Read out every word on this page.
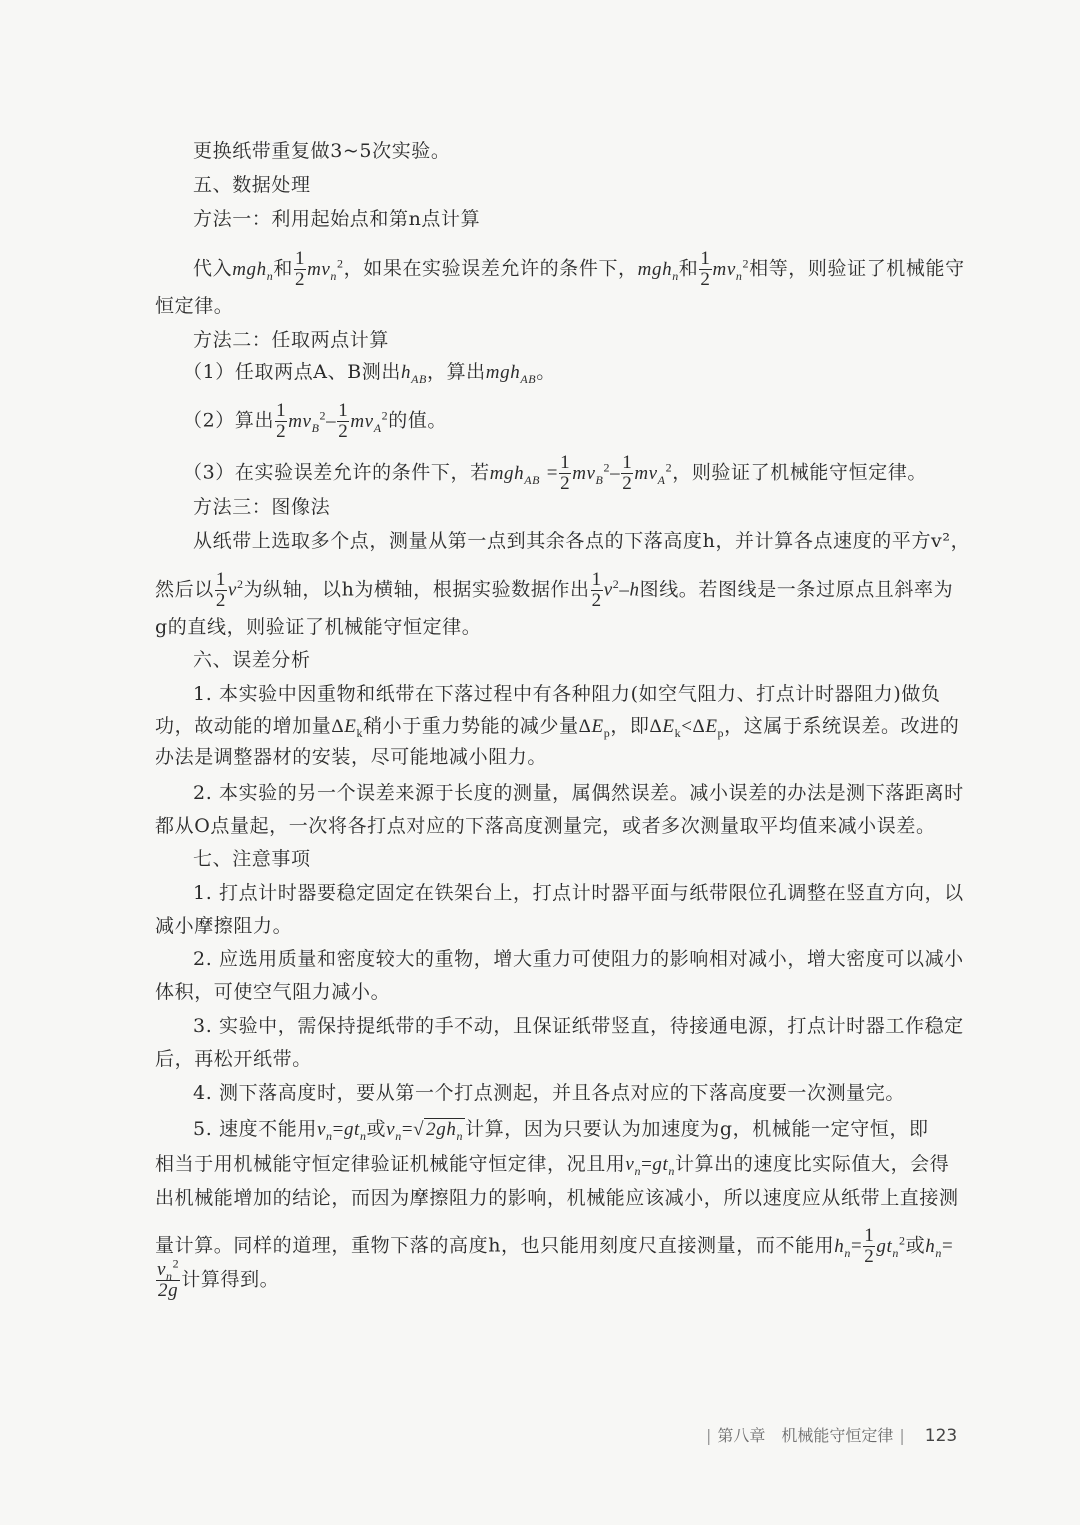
更换纸带重复做3~5次实验。
五、数据处理
方法一：利用起始点和第n点计算
代入mgh$_n$和 $\frac{1}{2} mv_n^2$，如果在实验误差允许的条件下，mgh$_n$和 $\frac{1}{2} mv_n^2$相等，则验证了机械能守
恒定律。
方法二：任取两点计算
（1）任取两点A、B测出$h_{AB}$，算出mgh$_{AB}$。
（2）算出 $\frac{1}{2} mv_B^2- \frac{1}{2} mv_A^2$的值。
（3）在实验误差允许的条件下，若$mgh_{AB} = \frac{1}{2} mv_B^2- \frac{1}{2} mv_A^2$，则验证了机械能守恒定律。
方法三：图像法
从纸带上选取多个点，测量从第一点到其余各点的下落高度h，并计算各点速度的平方v²，
然后以 $\frac{1}{2} v^2$为纵轴，以h为横轴，根据实验数据作出 $\frac{1}{2} v^2-h$图线。若图线是一条过原点且斜率为
g的直线，则验证了机械能守恒定律。
六、误差分析
1. 本实验中因重物和纸带在下落过程中有各种阻力(如空气阻力、打点计时器阻力)做负
功，故动能的增加量$\Delta E_k$稍小于重力势能的减少量$\Delta E_p$，即$\Delta E_k<\Delta E_p$，这属于系统误差。改进的
办法是调整器材的安装，尽可能地减小阻力。
2. 本实验的另一个误差来源于长度的测量，属偶然误差。减小误差的办法是测下落距离时
都从O点量起，一次将各打点对应的下落高度测量完，或者多次测量取平均值来减小误差。
七、注意事项
1. 打点计时器要稳定固定在铁架台上，打点计时器平面与纸带限位孔调整在竖直方向，以
减小摩擦阻力。
2. 应选用质量和密度较大的重物，增大重力可使阻力的影响相对减小，增大密度可以减小
体积，可使空气阻力减小。
3. 实验中，需保持提纸带的手不动，且保证纸带竖直，待接通电源，打点计时器工作稳定
后，再松开纸带。
4. 测下落高度时，要从第一个打点测起，并且各点对应的下落高度要一次测量完。
5. 速度不能用$v_n=gt_n$或$v_n=√$ $2gh_n$ 计算，因为只要认为加速度为g，机械能一定守恒，即
相当于用机械能守恒定律验证机械能守恒定律，况且用$v_n=gt_n$计算出的速度比实际值大，会得
出机械能增加的结论，而因为摩擦阻力的影响，机械能应该减小，所以速度应从纸带上直接测
量计算。同样的道理，重物下落的高度h，也只能用刻度尺直接测量，而不能用$h_n= \frac{1}{2} gt_n^2$或$h_n=$
$\frac{v_n^2}{2g}$ 计算得到。
| 第八章　机械能守恒定律 | 123
